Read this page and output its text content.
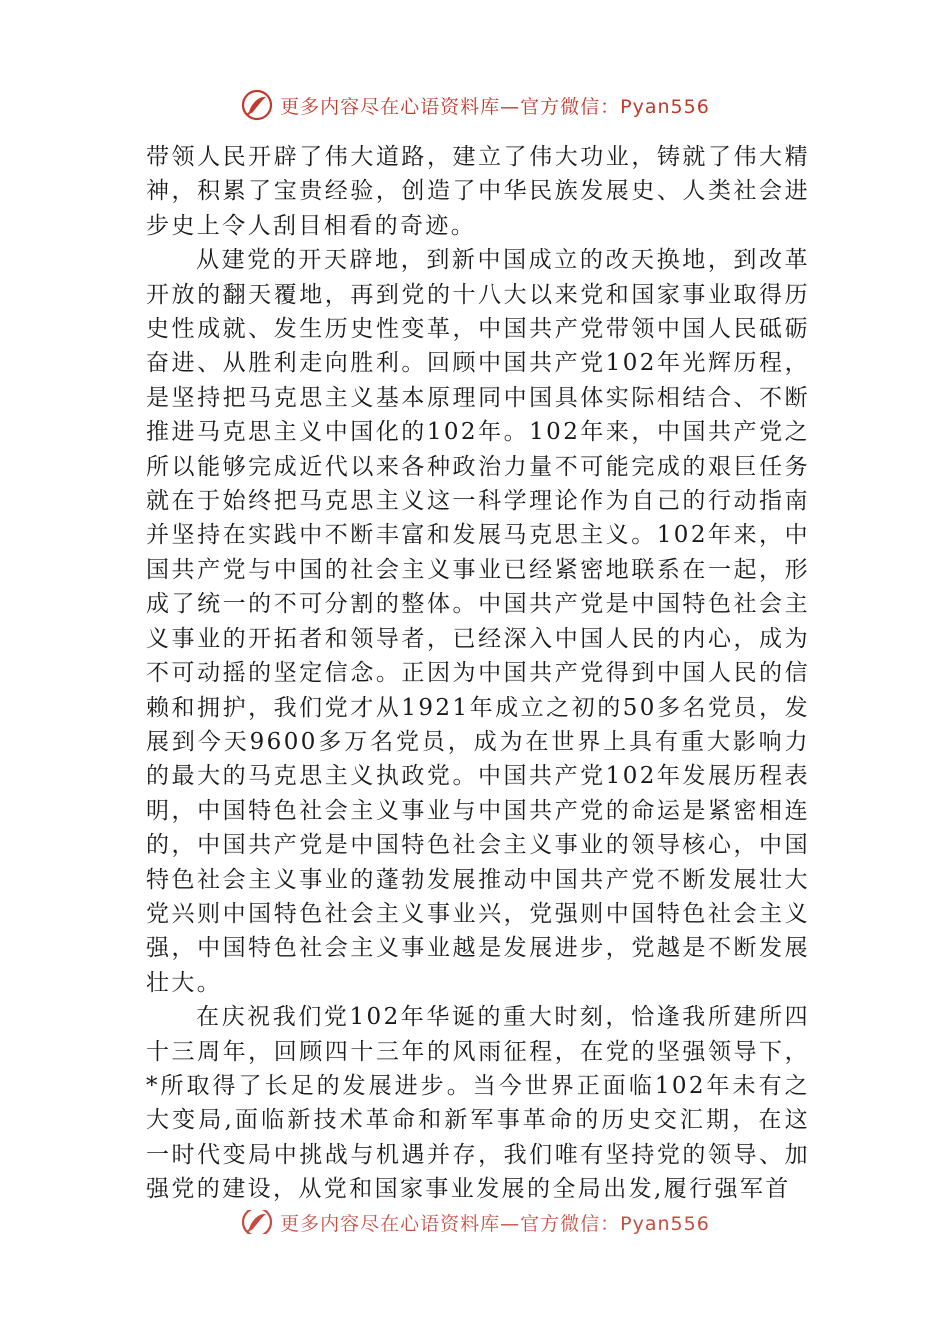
更多内容尽在心语资料库—官方微信：Pyan556

带领人民开辟了伟大道路，建立了伟大功业，铸就了伟大精神，积累了宝贵经验，创造了中华民族发展史、人类社会进步史上令人刮目相看的奇迹。

从建党的开天辟地，到新中国成立的改天换地，到改革开放的翻天覆地，再到党的十八大以来党和国家事业取得历史性成就、发生历史性变革，中国共产党带领中国人民砥砺奋进、从胜利走向胜利。回顾中国共产党102年光辉历程，是坚持把马克思主义基本原理同中国具体实际相结合、不断推进马克思主义中国化的102年。102年来，中国共产党之所以能够完成近代以来各种政治力量不可能完成的艰巨任务就在于始终把马克思主义这一科学理论作为自己的行动指南并坚持在实践中不断丰富和发展马克思主义。102年来，中国共产党与中国的社会主义事业已经紧密地联系在一起，形成了统一的不可分割的整体。中国共产党是中国特色社会主义事业的开拓者和领导者，已经深入中国人民的内心，成为不可动摇的坚定信念。正因为中国共产党得到中国人民的信赖和拥护，我们党才从1921年成立之初的50多名党员，发展到今天9600多万名党员，成为在世界上具有重大影响力的最大的马克思主义执政党。中国共产党102年发展历程表明，中国特色社会主义事业与中国共产党的命运是紧密相连的，中国共产党是中国特色社会主义事业的领导核心，中国特色社会主义事业的蓬勃发展推动中国共产党不断发展壮大党兴则中国特色社会主义事业兴，党强则中国特色社会主义强，中国特色社会主义事业越是发展进步，党越是不断发展壮大。

在庆祝我们党102年华诞的重大时刻，恰逢我所建所四十三周年，回顾四十三年的风雨征程，在党的坚强领导下，*所取得了长足的发展进步。当今世界正面临102年未有之大变局,面临新技术革命和新军事革命的历史交汇期，在这一时代变局中挑战与机遇并存，我们唯有坚持党的领导、加强党的建设，从党和国家事业发展的全局出发,履行强军首

更多内容尽在心语资料库—官方微信：Pyan556
